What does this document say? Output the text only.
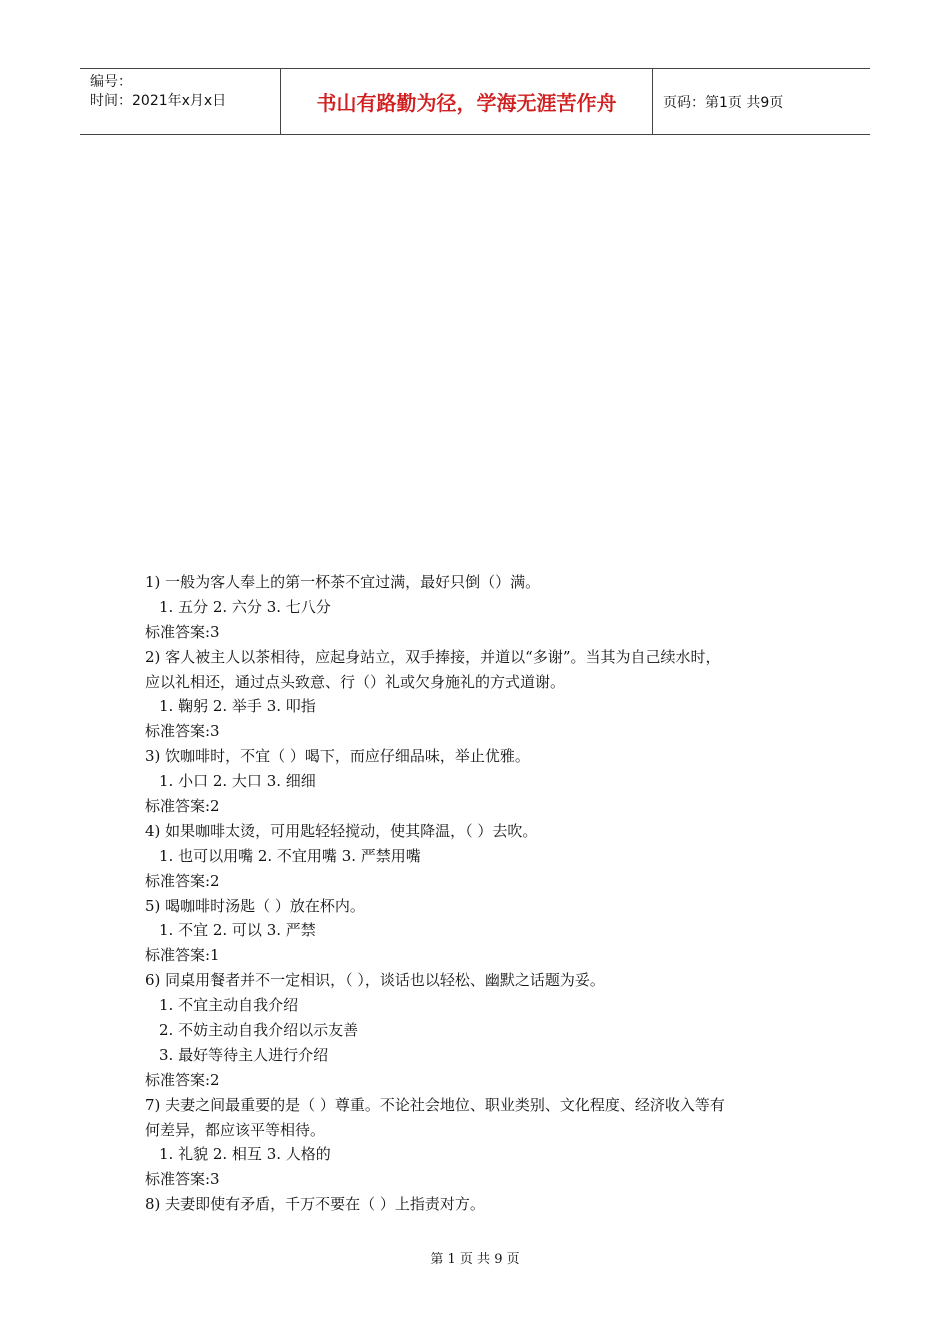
编号：
时间：2021年x月x日	书山有路勤为径，学海无涯苦作舟	页码：第1页 共9页
1) 一般为客人奉上的第一杯茶不宜过满，最好只倒（）满。
1. 五分 2. 六分 3. 七八分
标准答案:3
2) 客人被主人以茶相待，应起身站立，双手捧接，并道以“多谢”。当其为自己续水时，
应以礼相还，通过点头致意、行（）礼或欠身施礼的方式道谢。
1. 鞠躬 2. 举手 3. 叩指
标准答案:3
3) 饮咖啡时，不宜（ ）喝下，而应仔细品味，举止优雅。
1. 小口 2. 大口 3. 细细
标准答案:2
4) 如果咖啡太烫，可用匙轻轻搅动，使其降温，（ ）去吹。
1. 也可以用嘴 2. 不宜用嘴 3. 严禁用嘴
标准答案:2
5) 喝咖啡时汤匙（ ）放在杯内。
1. 不宜 2. 可以 3. 严禁
标准答案:1
6) 同桌用餐者并不一定相识，（ ），谈话也以轻松、幽默之话题为妥。
1. 不宜主动自我介绍
2. 不妨主动自我介绍以示友善
3. 最好等待主人进行介绍
标准答案:2
7) 夫妻之间最重要的是（ ）尊重。不论社会地位、职业类别、文化程度、经济收入等有
何差异，都应该平等相待。
1. 礼貌 2. 相互 3. 人格的
标准答案:3
8) 夫妻即使有矛盾，千万不要在（ ）上指责对方。
第 1 页 共 9 页
